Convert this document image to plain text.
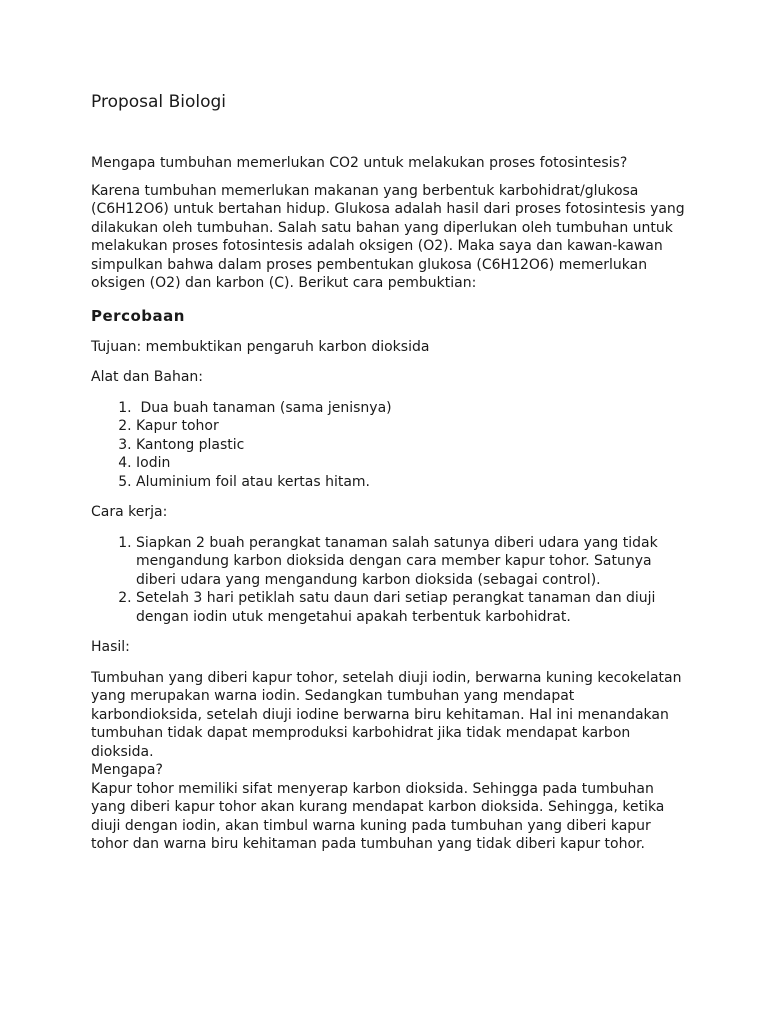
Proposal Biologi

Mengapa tumbuhan memerlukan CO2 untuk melakukan proses fotosintesis?

Karena tumbuhan memerlukan makanan yang berbentuk karbohidrat/glukosa
(C6H12O6) untuk bertahan hidup. Glukosa adalah hasil dari proses fotosintesis yang
dilakukan oleh tumbuhan. Salah satu bahan yang diperlukan oleh tumbuhan untuk
melakukan proses fotosintesis adalah oksigen (O2). Maka saya dan kawan-kawan
simpulkan bahwa dalam proses pembentukan glukosa (C6H12O6) memerlukan
oksigen (O2) dan karbon (C). Berikut cara pembuktian:

Percobaan

Tujuan: membuktikan pengaruh karbon dioksida

Alat dan Bahan:

1.  Dua buah tanaman (sama jenisnya)
2. Kapur tohor
3. Kantong plastic
4. Iodin
5. Aluminium foil atau kertas hitam.

Cara kerja:

1. Siapkan 2 buah perangkat tanaman salah satunya diberi udara yang tidak
mengandung karbon dioksida dengan cara member kapur tohor. Satunya
diberi udara yang mengandung karbon dioksida (sebagai control).
2. Setelah 3 hari petiklah satu daun dari setiap perangkat tanaman dan diuji
dengan iodin utuk mengetahui apakah terbentuk karbohidrat.

Hasil:

Tumbuhan yang diberi kapur tohor, setelah diuji iodin, berwarna kuning kecokelatan
yang merupakan warna iodin. Sedangkan tumbuhan yang mendapat
karbondioksida, setelah diuji iodine berwarna biru kehitaman. Hal ini menandakan
tumbuhan tidak dapat memproduksi karbohidrat jika tidak mendapat karbon
dioksida.
Mengapa?
Kapur tohor memiliki sifat menyerap karbon dioksida. Sehingga pada tumbuhan
yang diberi kapur tohor akan kurang mendapat karbon dioksida. Sehingga, ketika
diuji dengan iodin, akan timbul warna kuning pada tumbuhan yang diberi kapur
tohor dan warna biru kehitaman pada tumbuhan yang tidak diberi kapur tohor.
